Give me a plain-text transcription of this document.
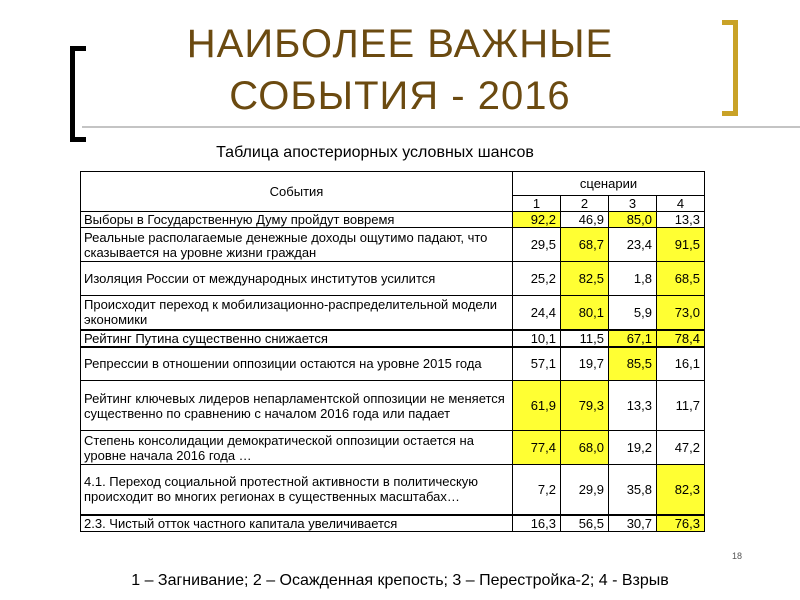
НАИБОЛЕЕ ВАЖНЫЕ
СОБЫТИЯ - 2016
Таблица апостериорных условных шансов
События	сценарии			
	1	2	3	4
Выборы в Государственную Думу пройдут вовремя	92,2	46,9	85,0	13,3
Реальные располагаемые денежные доходы ощутимо падают, что сказывается на уровне жизни граждан	29,5	68,7	23,4	91,5
Изоляция России от международных институтов усилится	25,2	82,5	1,8	68,5
Происходит переход к мобилизационно-распределительной модели экономики	24,4	80,1	5,9	73,0
Рейтинг Путина существенно снижается	10,1	11,5	67,1	78,4
Репрессии в отношении оппозиции остаются на уровне 2015 года	57,1	19,7	85,5	16,1
Рейтинг ключевых лидеров непарламентской оппозиции не меняется существенно по сравнению с началом 2016 года или падает	61,9	79,3	13,3	11,7
Степень консолидации демократической оппозиции остается на уровне начала 2016 года …	77,4	68,0	19,2	47,2
4.1. Переход социальной протестной активности в политическую происходит во многих регионах в существенных масштабах…	7,2	29,9	35,8	82,3
2.3. Чистый отток частного капитала увеличивается	16,3	56,5	30,7	76,3
1 – Загнивание; 2 – Осажденная крепость; 3 – Перестройка-2; 4 - Взрыв
18
